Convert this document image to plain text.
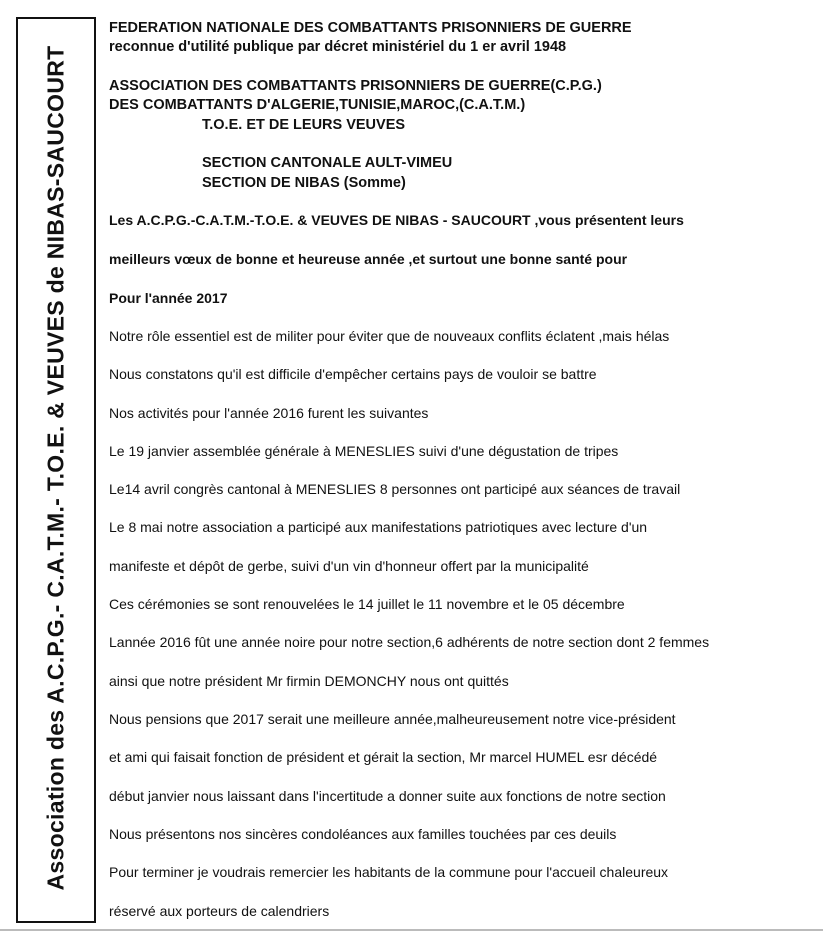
Association des A.C.P.G.- C.A.T.M.- T.O.E. & VEUVES de NIBAS-SAUCOURT
FEDERATION NATIONALE DES COMBATTANTS PRISONNIERS DE GUERRE
reconnue d'utilité publique par décret ministériel du 1 er avril 1948
ASSOCIATION DES COMBATTANTS PRISONNIERS DE GUERRE(C.P.G.)
DES COMBATTANTS D'ALGERIE,TUNISIE,MAROC,(C.A.T.M.)
T.O.E. ET DE LEURS VEUVES
SECTION CANTONALE AULT-VIMEU
SECTION DE NIBAS (Somme)
Les A.C.P.G.-C.A.T.M.-T.O.E. & VEUVES DE NIBAS - SAUCOURT ,vous présentent leurs
meilleurs vœux de bonne et heureuse année ,et surtout une bonne santé pour
Pour l'année 2017
Notre rôle essentiel est de militer pour éviter que de nouveaux conflits éclatent ,mais hélas
Nous constatons qu'il est difficile d'empêcher certains pays de vouloir se battre
Nos activités pour l'année 2016 furent les suivantes
Le 19 janvier assemblée générale à MENESLIES suivi d'une dégustation de tripes
Le14 avril congrès cantonal à MENESLIES 8 personnes ont participé aux séances de travail
Le 8 mai notre association a participé aux manifestations patriotiques avec lecture d'un
manifeste et dépôt de gerbe, suivi d'un vin d'honneur offert par la municipalité
Ces cérémonies se sont renouvelées le 14 juillet le 11 novembre et le 05 décembre
Lannée 2016 fût une année noire pour notre section,6 adhérents de notre section dont 2 femmes
ainsi que notre président Mr firmin DEMONCHY nous ont quittés
Nous pensions que 2017 serait une meilleure année,malheureusement notre vice-président
et ami qui faisait fonction de président et gérait la section, Mr marcel HUMEL esr décédé
début janvier nous laissant dans l'incertitude a donner suite aux fonctions de notre section
Nous présentons nos sincères condoléances aux familles touchées par ces deuils
Pour terminer je voudrais remercier les habitants de la commune pour l'accueil chaleureux
réservé aux porteurs de calendriers
